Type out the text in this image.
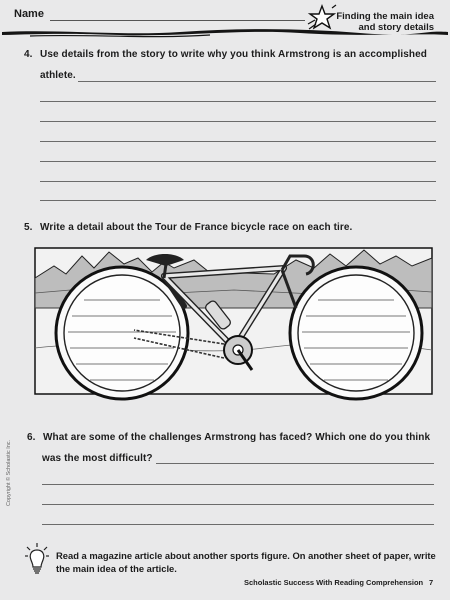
Name	Finding the main idea
and story details
4. Use details from the story to write why you think Armstrong is an accomplished
athlete.
5. Write a detail about the Tour de France bicycle race on each tire.
6. What are some of the challenges Armstrong has faced? Which one do you think
was the most difficult?
Copyright © Scholastic Inc.
Read a magazine article about another sports figure. On another sheet of paper, write
the main idea of the article.
Scholastic Success With Reading Comprehension 7
